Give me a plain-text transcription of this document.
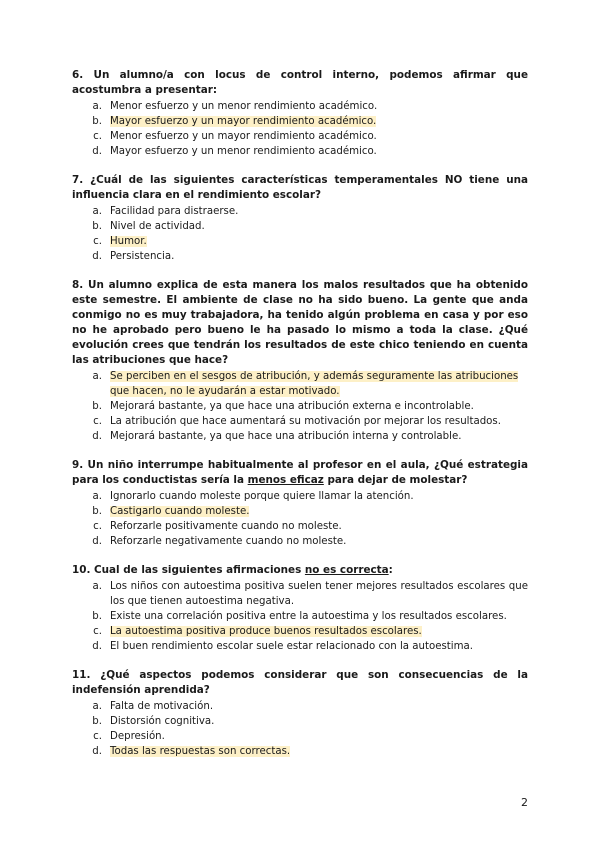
6. Un alumno/a con locus de control interno, podemos afirmar que acostumbra a presentar:

a. Menor esfuerzo y un menor rendimiento académico.
b. Mayor esfuerzo y un mayor rendimiento académico.
c. Menor esfuerzo y un mayor rendimiento académico.
d. Mayor esfuerzo y un menor rendimiento académico.

7. ¿Cuál de las siguientes características temperamentales NO tiene una influencia clara en el rendimiento escolar?

a. Facilidad para distraerse.
b. Nivel de actividad.
c. Humor.
d. Persistencia.

8. Un alumno explica de esta manera los malos resultados que ha obtenido este semestre. El ambiente de clase no ha sido bueno. La gente que anda conmigo no es muy trabajadora, ha tenido algún problema en casa y por eso no he aprobado pero bueno le ha pasado lo mismo a toda la clase. ¿Qué evolución crees que tendrán los resultados de este chico teniendo en cuenta las atribuciones que hace?

a. Se perciben en el sesgos de atribución, y además seguramente las atribuciones que hacen, no le ayudarán a estar motivado.
b. Mejorará bastante, ya que hace una atribución externa e incontrolable.
c. La atribución que hace aumentará su motivación por mejorar los resultados.
d. Mejorará bastante, ya que hace una atribución interna y controlable.

9. Un niño interrumpe habitualmente al profesor en el aula, ¿Qué estrategia para los conductistas sería la menos eficaz para dejar de molestar?

a. Ignorarlo cuando moleste porque quiere llamar la atención.
b. Castigarlo cuando moleste.
c. Reforzarle positivamente cuando no moleste.
d. Reforzarle negativamente cuando no moleste.

10. Cual de las siguientes afirmaciones no es correcta:

a. Los niños con autoestima positiva suelen tener mejores resultados escolares que los que tienen autoestima negativa.
b. Existe una correlación positiva entre la autoestima y los resultados escolares.
c. La autoestima positiva produce buenos resultados escolares.
d. El buen rendimiento escolar suele estar relacionado con la autoestima.

11. ¿Qué aspectos podemos considerar que son consecuencias de la indefensión aprendida?

a. Falta de motivación.
b. Distorsión cognitiva.
c. Depresión.
d. Todas las respuestas son correctas.
2
